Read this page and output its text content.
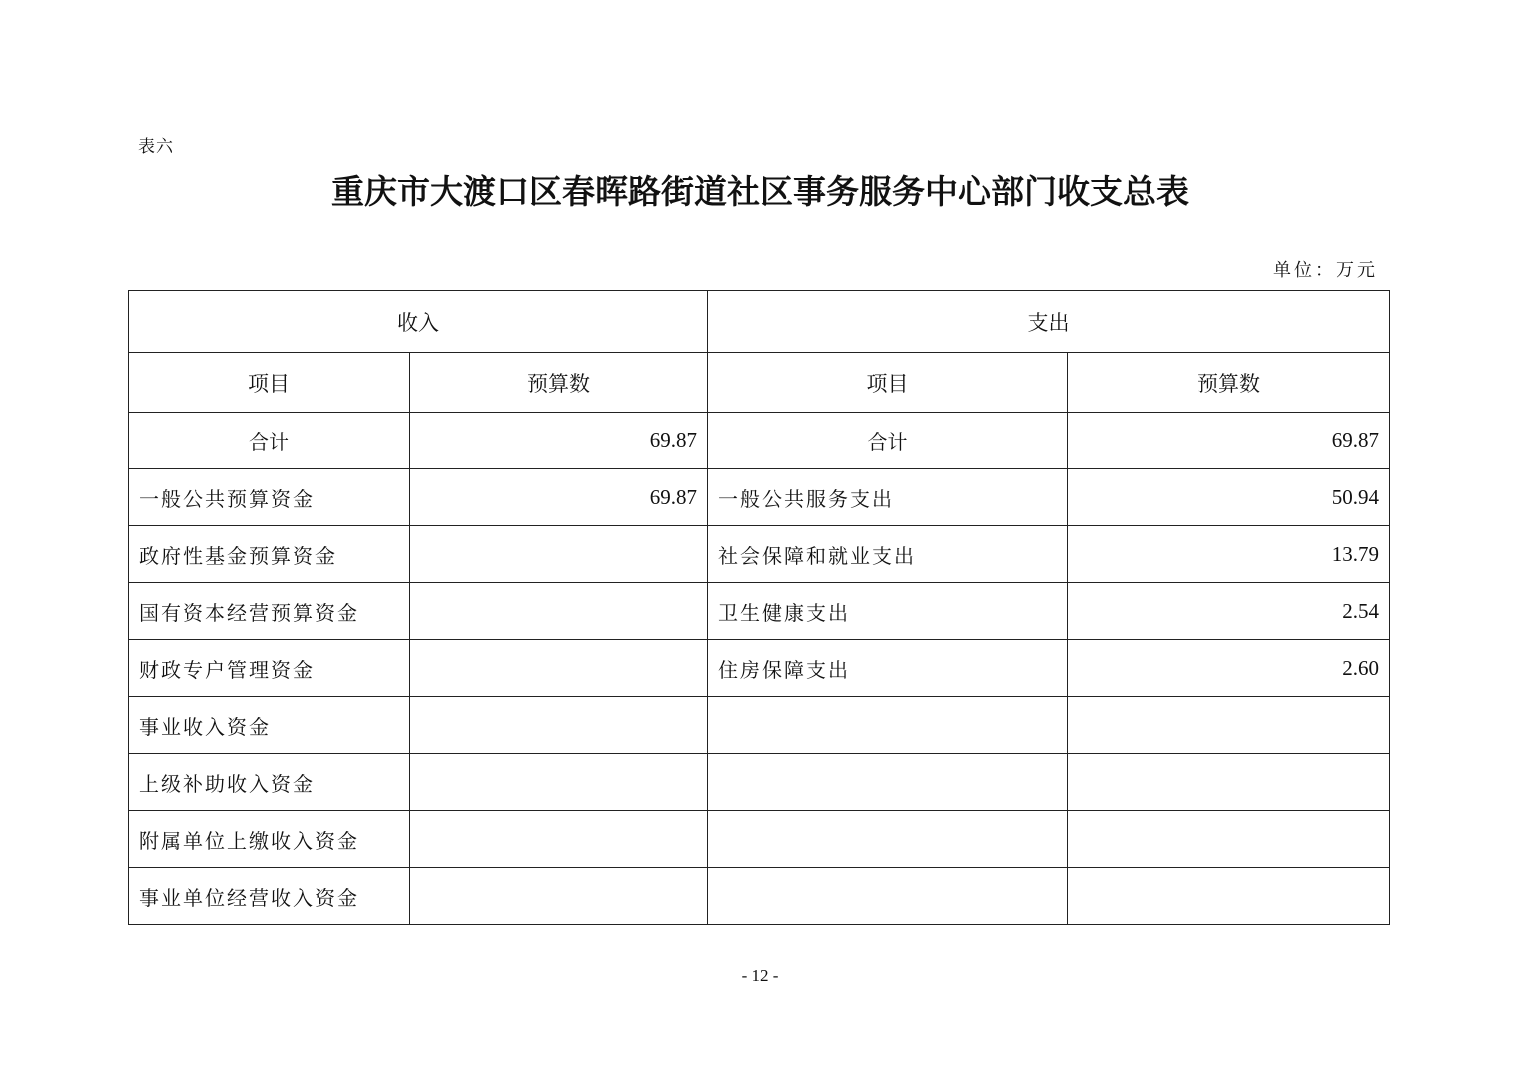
表六
重庆市大渡口区春晖路街道社区事务服务中心部门收支总表
单位：万元
收入		支出	
项目	预算数	项目	预算数
合计	69.87	合计	69.87
一般公共预算资金	69.87	一般公共服务支出	50.94
政府性基金预算资金		社会保障和就业支出	13.79
国有资本经营预算资金		卫生健康支出	2.54
财政专户管理资金		住房保障支出	2.60
事业收入资金			
上级补助收入资金			
附属单位上缴收入资金			
事业单位经营收入资金			
- 12 -
